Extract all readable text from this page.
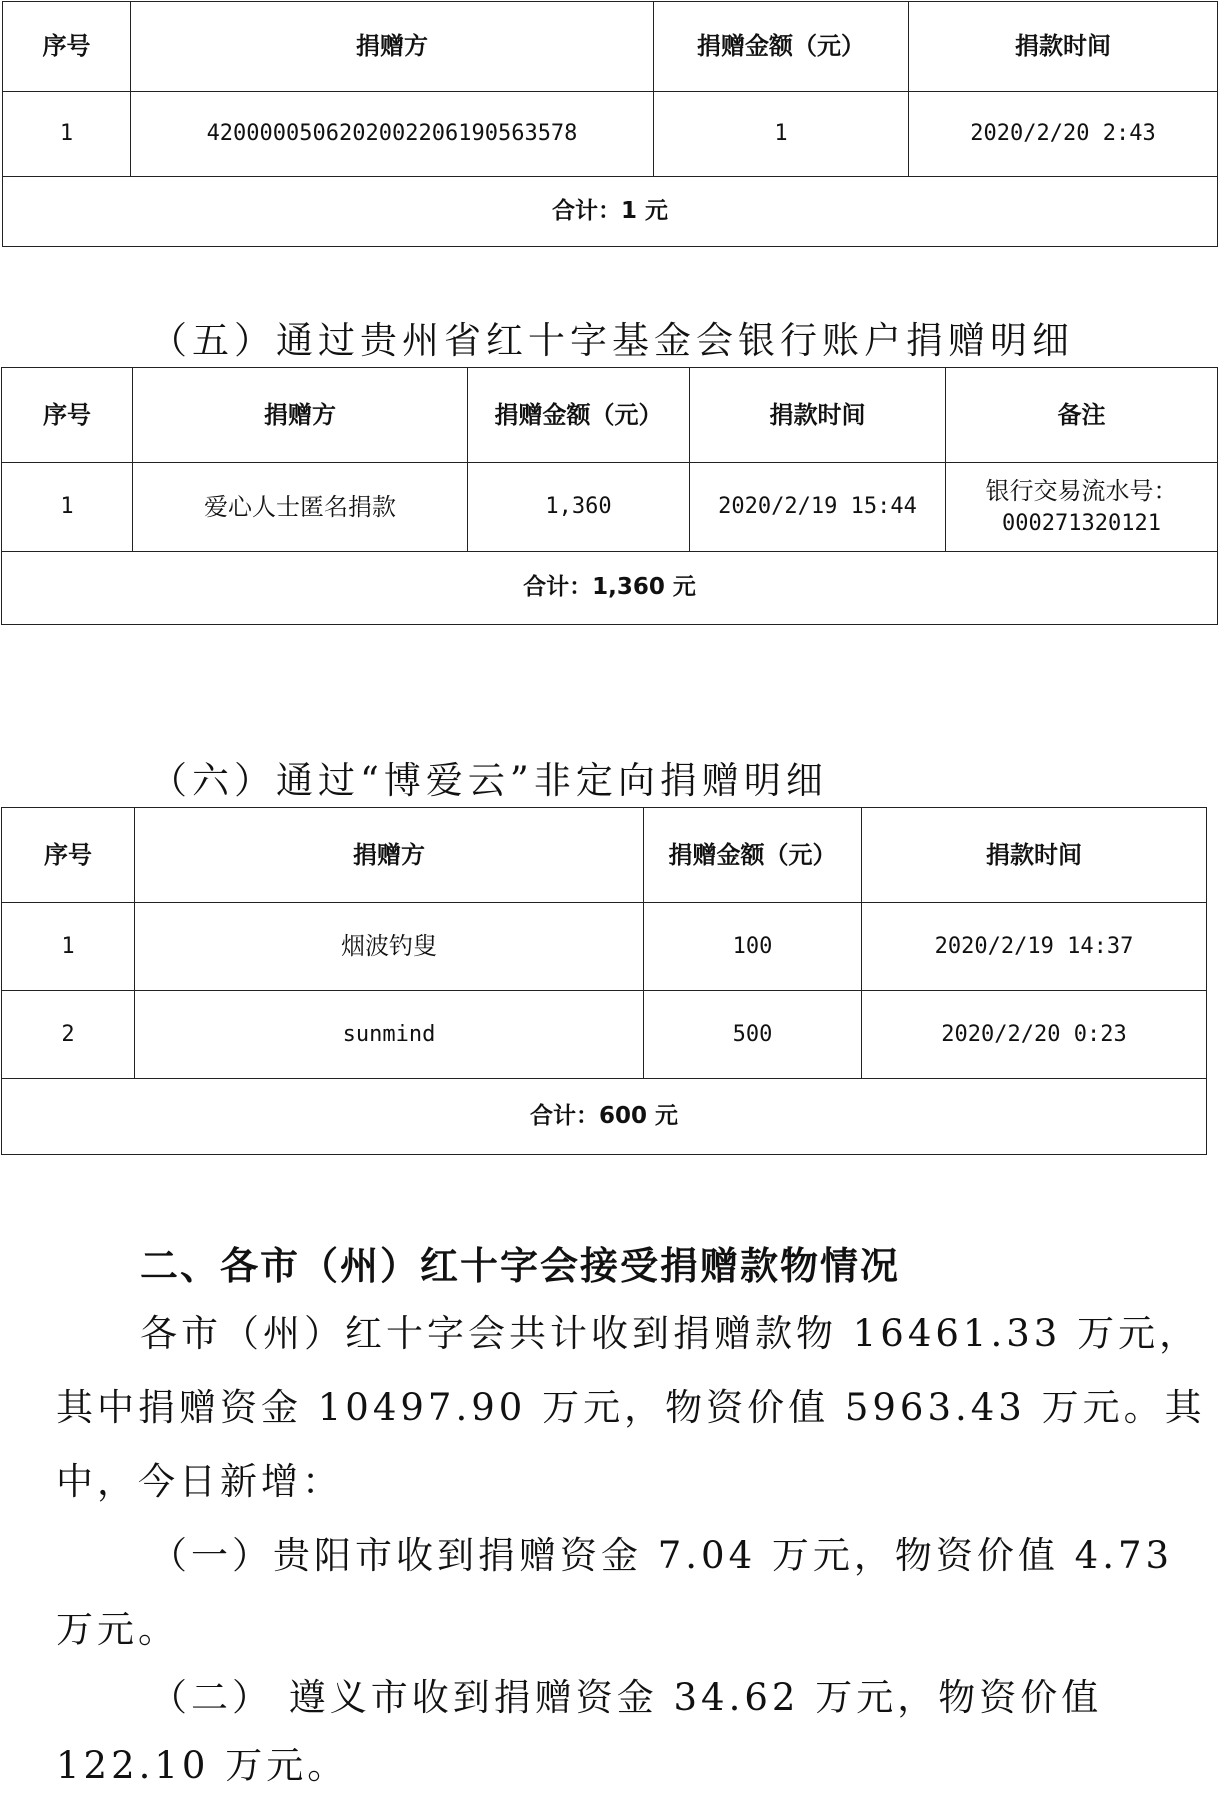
序号	捐赠方	捐赠金额（元）	捐款时间
1	4200000506202002206190563578	1	2020/2/20 2:43
合计：1 元			
（五）通过贵州省红十字基金会银行账户捐赠明细
序号	捐赠方	捐赠金额（元）	捐款时间	备注
1	爱心人士匿名捐款	1,360	2020/2/19 15:44	银行交易流水号：
000271320121

合计：1,360 元				
（六）通过“博爱云”非定向捐赠明细
序号	捐赠方	捐赠金额（元）	捐款时间
1	烟波钓叟	100	2020/2/19 14:37
2	sunmind	500	2020/2/20 0:23
合计：600 元			
二、各市（州）红十字会接受捐赠款物情况

各市（州）红十字会共计收到捐赠款物 16461.33 万元，

其中捐赠资金 10497.90 万元，物资价值 5963.43 万元。其

中，今日新增：

（一）贵阳市收到捐赠资金 7.04 万元，物资价值 4.73

万元。

（二） 遵义市收到捐赠资金 34.62 万元，物资价值

122.10 万元。
